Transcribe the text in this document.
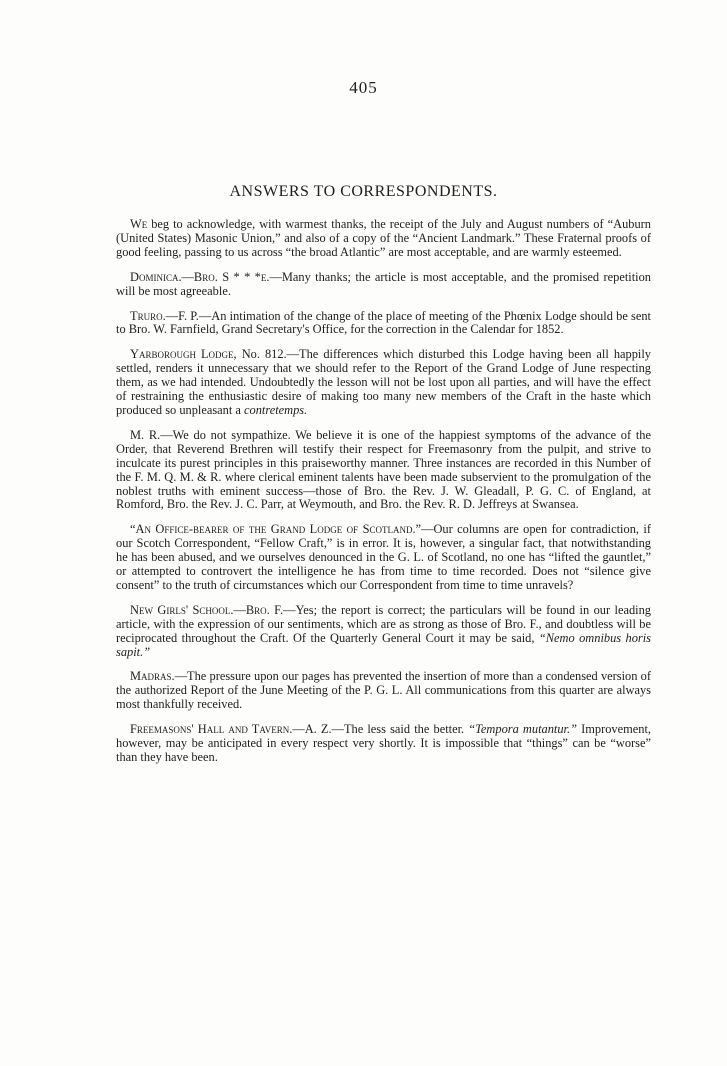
405
ANSWERS TO CORRESPONDENTS.

We beg to acknowledge, with warmest thanks, the receipt of the July and August numbers of “Auburn (United States) Masonic Union,” and also of a copy of the “Ancient Landmark.” These Fraternal proofs of good feeling, passing to us across “the broad Atlantic” are most acceptable, and are warmly esteemed.

Dominica.—Bro. S * * *e.—Many thanks; the article is most acceptable, and the promised repetition will be most agreeable.

Truro.—F. P.—An intimation of the change of the place of meeting of the Phœnix Lodge should be sent to Bro. W. Farnfield, Grand Secretary's Office, for the correction in the Calendar for 1852.

Yarborough Lodge, No. 812.—The differences which disturbed this Lodge having been all happily settled, renders it unnecessary that we should refer to the Report of the Grand Lodge of June respecting them, as we had intended. Undoubtedly the lesson will not be lost upon all parties, and will have the effect of restraining the enthusiastic desire of making too many new members of the Craft in the haste which produced so unpleasant a contretemps.

M. R.—We do not sympathize. We believe it is one of the happiest symptoms of the advance of the Order, that Reverend Brethren will testify their respect for Freemasonry from the pulpit, and strive to inculcate its purest principles in this praiseworthy manner. Three instances are recorded in this Number of the F. M. Q. M. & R. where clerical eminent talents have been made subservient to the promulgation of the noblest truths with eminent success—those of Bro. the Rev. J. W. Gleadall, P. G. C. of England, at Romford, Bro. the Rev. J. C. Parr, at Weymouth, and Bro. the Rev. R. D. Jeffreys at Swansea.

“An Office-bearer of the Grand Lodge of Scotland.”—Our columns are open for contradiction, if our Scotch Correspondent, “Fellow Craft,” is in error. It is, however, a singular fact, that notwithstanding he has been abused, and we ourselves denounced in the G. L. of Scotland, no one has “lifted the gauntlet,” or attempted to controvert the intelligence he has from time to time recorded. Does not “silence give consent” to the truth of circumstances which our Correspondent from time to time unravels?

New Girls' School.—Bro. F.—Yes; the report is correct; the particulars will be found in our leading article, with the expression of our sentiments, which are as strong as those of Bro. F., and doubtless will be reciprocated throughout the Craft. Of the Quarterly General Court it may be said, “Nemo omnibus horis sapit.”

Madras.—The pressure upon our pages has prevented the insertion of more than a condensed version of the authorized Report of the June Meeting of the P. G. L. All communications from this quarter are always most thankfully received.

Freemasons' Hall and Tavern.—A. Z.—The less said the better. “Tempora mutantur.” Improvement, however, may be anticipated in every respect very shortly. It is impossible that “things” can be “worse” than they have been.
